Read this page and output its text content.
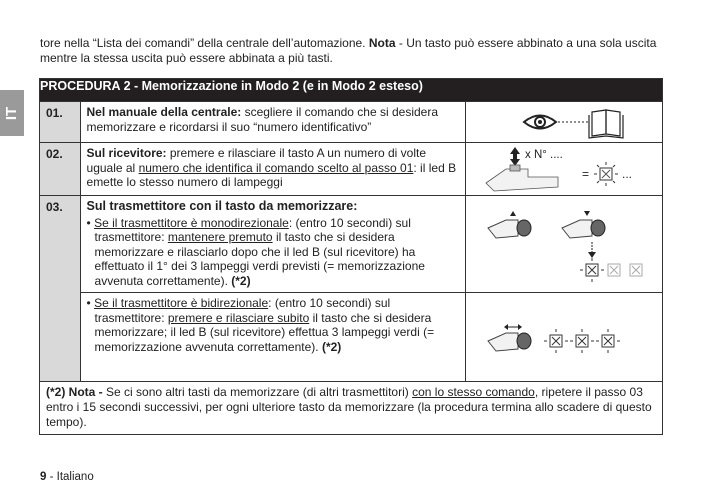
tore nella “Lista dei comandi” della centrale dell’automazione. Nota - Un tasto può essere abbinato a una sola uscita mentre la stessa uscita può essere abbinata a più tasti.
IT
PROCEDURA 2 - Memorizzazione in Modo 2 (e in Modo 2 esteso)		
01.	Nel manuale della centrale: scegliere il comando che si desidera memorizzare e ricordarsi il suo “numero identificativo”	

02.	Sul ricevitore: premere e rilasciare il tasto A un numero di volte uguale al numero che identifica il comando scelto al passo 01: il led B emette lo stesso numero di lampeggi	x N° ....
= ...

03.	Sul trasmettitore con il tasto da memorizzare:
• Se il trasmettitore è monodirezionale: (entro 10 secondi) sul trasmettitore: mantenere premuto il tasto che si desidera memorizzare e rilasciarlo dopo che il led B (sul ricevitore) ha effettuato il 1° dei 3 lampeggi verdi previsti (= memorizzazione avvenuta correttamente). (*2)

	• Se il trasmettitore è bidirezionale: (entro 10 secondi) sul trasmettitore: premere e rilasciare subito il tasto che si desidera memorizzare; il led B (sul ricevitore) effettua 3 lampeggi verdi (= memorizzazione avvenuta correttamente). (*2)

(*2) Nota - Se ci sono altri tasti da memorizzare (di altri trasmettitori) con lo stesso comando, ripetere il passo 03 entro i 15 secondi successivi, per ogni ulteriore tasto da memorizzare (la procedura termina allo scadere di questo tempo).		
9 - Italiano
